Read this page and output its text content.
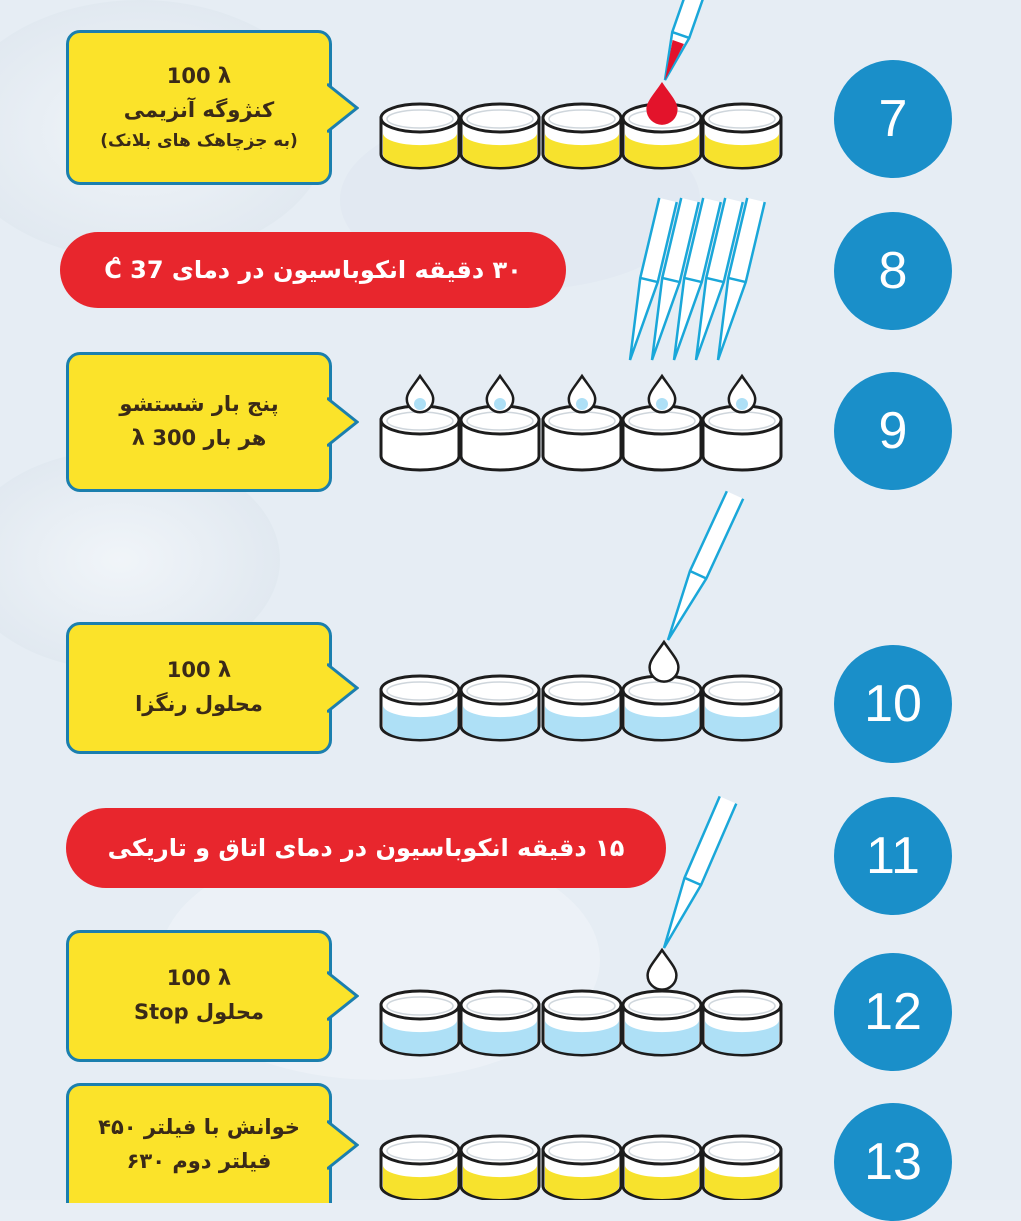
7
8
9
10
11
12
13
100 λ
کنژوگه آنزیمی
(به جزچاهک های بلانک)
پنج بار شستشو
هر بار 300 λ
100 λ
محلول رنگزا
100 λ
محلول Stop
خوانش با فیلتر ۴۵۰
فیلتر دوم ۶۳۰
۳۰ دقیقه انکوباسیون در دمای 37 ̊C
۱۵ دقیقه انکوباسیون در دمای اتاق و تاریکی
